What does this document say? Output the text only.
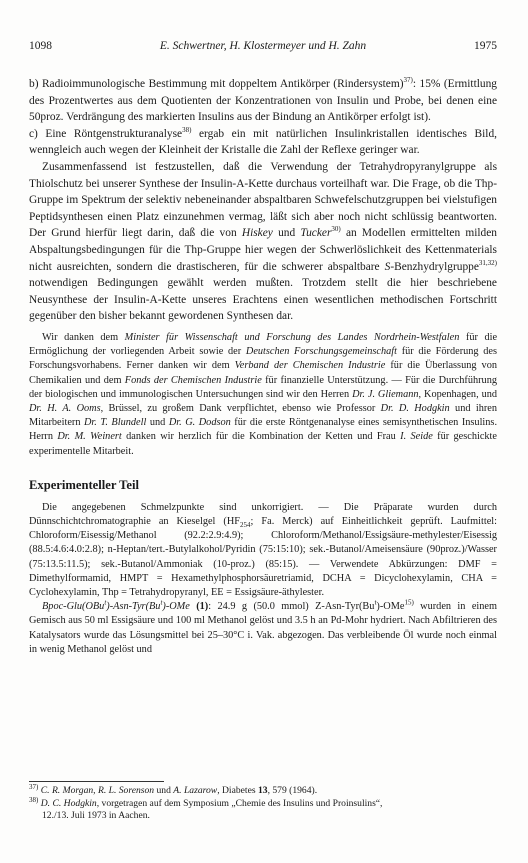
1098	E. Schwertner, H. Klostermeyer und H. Zahn	1975

b) Radioimmunologische Bestimmung mit doppeltem Antikörper (Rindersystem)$^{37)}$: 15% (Ermittlung des Prozentwertes aus dem Quotienten der Konzentrationen von Insulin und Probe, bei denen eine 50proz. Verdrängung des markierten Insulins aus der Bindung an Antikörper erfolgt ist).

c) Eine Röntgenstrukturanalyse$^{38)}$ ergab ein mit natürlichen Insulinkristallen identisches Bild, wenngleich auch wegen der Kleinheit der Kristalle die Zahl der Reflexe geringer war.

Zusammenfassend ist festzustellen, daß die Verwendung der Tetrahydropyranylgruppe als Thiolschutz bei unserer Synthese der Insulin-A-Kette durchaus vorteilhaft war. Die Frage, ob die Thp-Gruppe im Spektrum der selektiv nebeneinander abspaltbaren Schwefelschutzgruppen bei vielstufigen Peptidsynthesen einen Platz einzunehmen vermag, läßt sich aber noch nicht schlüssig beantworten. Der Grund hierfür liegt darin, daß die von Hiskey und Tucker$^{30)}$ an Modellen ermittelten milden Abspaltungsbedingungen für die Thp-Gruppe hier wegen der Schwerlöslichkeit des Kettenmaterials nicht ausreichten, sondern die drastischeren, für die schwerer abspaltbare S-Benzhydrylgruppe$^{31,32)}$ notwendigen Bedingungen gewählt werden mußten. Trotzdem stellt die hier beschriebene Neusynthese der Insulin-A-Kette unseres Erachtens einen wesentlichen methodischen Fortschritt gegenüber den bisher bekannt gewordenen Synthesen dar.

Wir danken dem Minister für Wissenschaft und Forschung des Landes Nordrhein-Westfalen für die Ermöglichung der vorliegenden Arbeit sowie der Deutschen Forschungsgemeinschaft für die Förderung des Forschungsvorhabens. Ferner danken wir dem Verband der Chemischen Industrie für die Überlassung von Chemikalien und dem Fonds der Chemischen Industrie für finanzielle Unterstützung. — Für die Durchführung der biologischen und immunologischen Untersuchungen sind wir den Herren Dr. J. Gliemann, Kopenhagen, und Dr. H. A. Ooms, Brüssel, zu großem Dank verpflichtet, ebenso wie Professor Dr. D. Hodgkin und ihren Mitarbeitern Dr. T. Blundell und Dr. G. Dodson für die erste Röntgenanalyse eines semisynthetischen Insulins. Herrn Dr. M. Weinert danken wir herzlich für die Kombination der Ketten und Frau I. Seide für geschickte experimentelle Mitarbeit.

Experimenteller Teil

Die angegebenen Schmelzpunkte sind unkorrigiert. — Die Präparate wurden durch Dünnschichtchromatographie an Kieselgel ($HF_{254}$; Fa. Merck) auf Einheitlichkeit geprüft. Laufmittel: Chloroform/Eisessig/Methanol (92.2:2.9:4.9); Chloroform/Methanol/Essigsäure-methylester/Eisessig (88.5:4.6:4.0:2.8); n-Heptan/tert.-Butylalkohol/Pyridin (75:15:10); sek.-Butanol/Ameisensäure (90proz.)/Wasser (75:13.5:11.5); sek.-Butanol/Ammoniak (10-proz.) (85:15). — Verwendete Abkürzungen: DMF = Dimethylformamid, HMPT = Hexamethylphosphorsäuretriamid, DCHA = Dicyclohexylamin, CHA = Cyclohexylamin, Thp = Tetrahydropyranyl, EE = Essigsäure-äthylester.

Bpoc-Glu(OBu$^t$)-Asn-Tyr(Bu$^t$)-OMe (1): 24.9 g (50.0 mmol) Z-Asn-Tyr(Bu$^t$)-OMe$^{15)}$ wurden in einem Gemisch aus 50 ml Essigsäure und 100 ml Methanol gelöst und 3.5 h an Pd-Mohr hydriert. Nach Abfiltrieren des Katalysators wurde das Lösungsmittel bei 25–30°C i. Vak. abgezogen. Das verbleibende Öl wurde noch einmal in wenig Methanol gelöst und

$^{37)}$ C. R. Morgan, R. L. Sorenson und A. Lazarow, Diabetes 13, 579 (1964).

$^{38)}$ D. C. Hodgkin, vorgetragen auf dem Symposium „Chemie des Insulins und Proinsulins“,

12./13. Juli 1973 in Aachen.
